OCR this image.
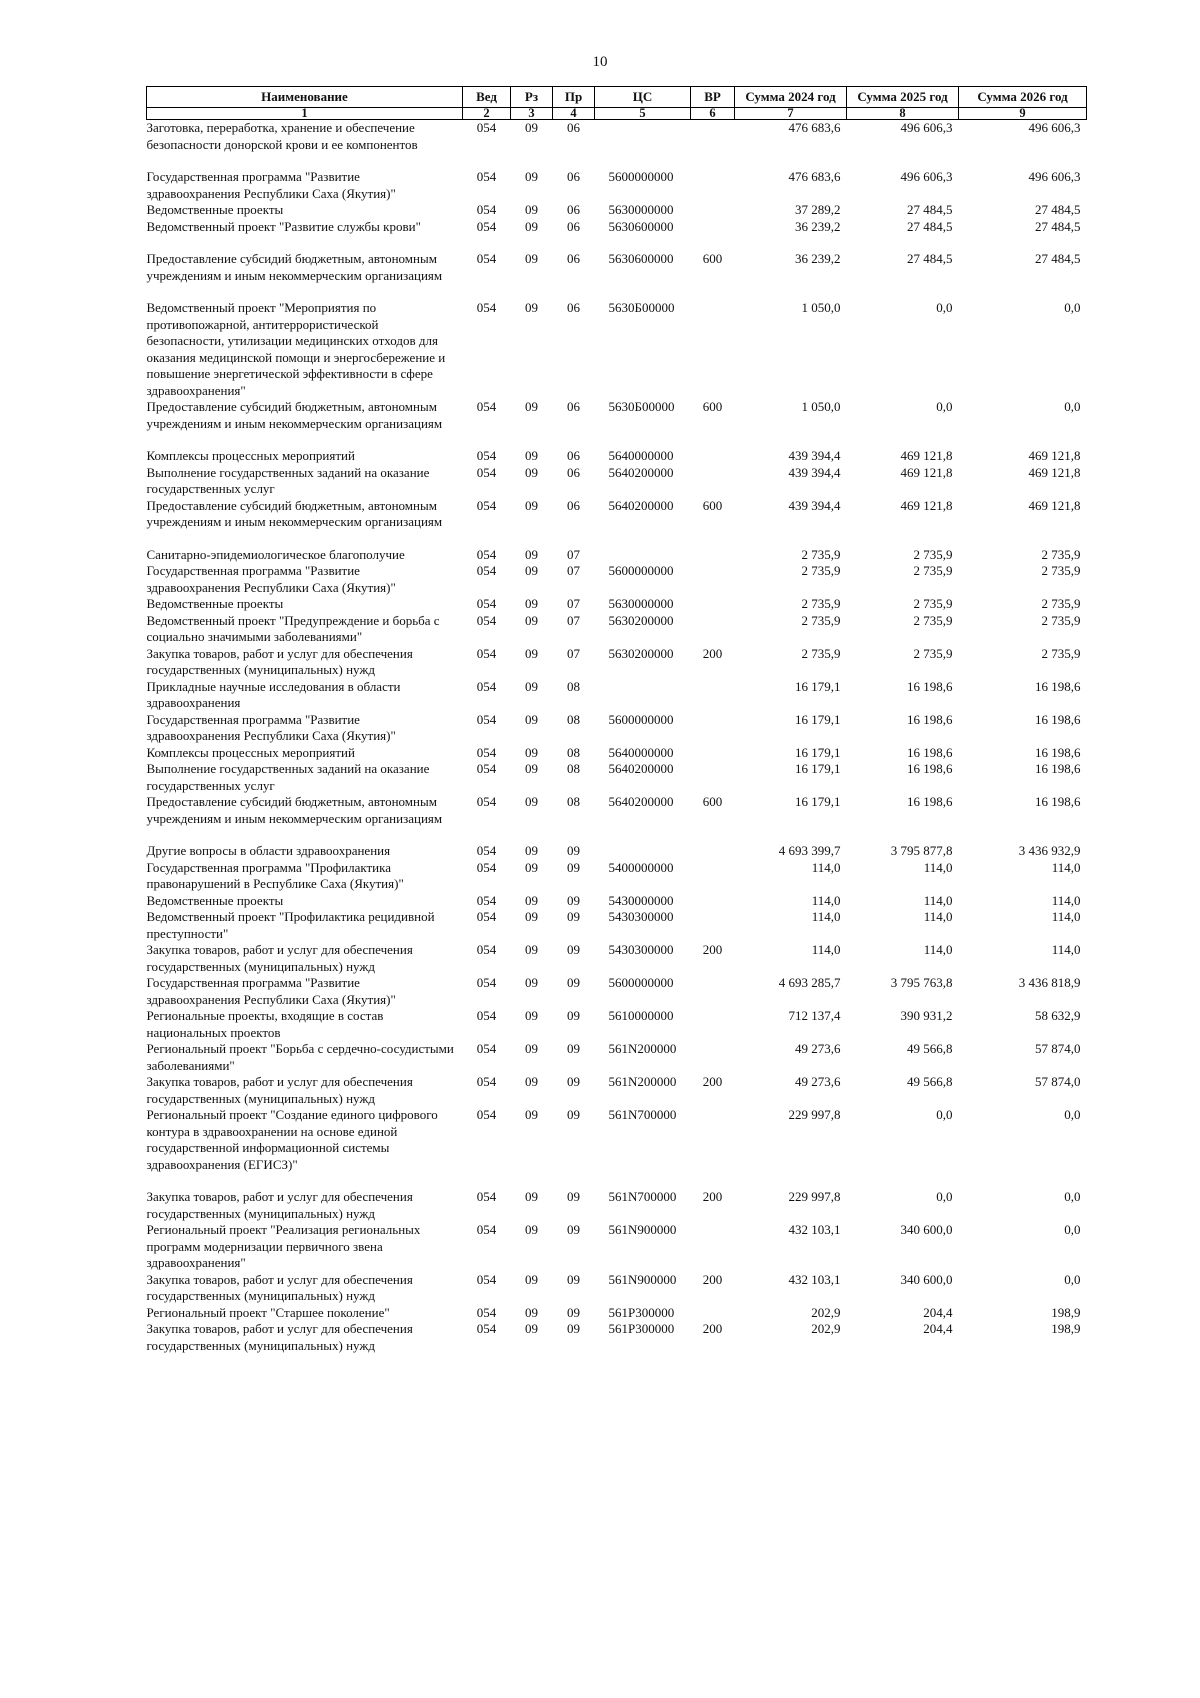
10
Наименование	Вед	Рз	Пр	ЦС	ВР	Сумма 2024 год	Сумма 2025 год	Сумма 2026 год
1	2	3	4	5	6	7	8	9
Заготовка, переработка, хранение и обеспечение безопасности донорской крови и ее компонентов	054	09	06			476 683,6	496 606,3	496 606,3

Государственная программа "Развитие здравоохранения Республики Саха (Якутия)"	054	09	06	5600000000		476 683,6	496 606,3	496 606,3
Ведомственные проекты	054	09	06	5630000000		37 289,2	27 484,5	27 484,5
Ведомственный проект "Развитие службы крови"	054	09	06	5630600000		36 239,2	27 484,5	27 484,5

Предоставление субсидий бюджетным, автономным учреждениям и иным некоммерческим организациям	054	09	06	5630600000	600	36 239,2	27 484,5	27 484,5

Ведомственный проект "Мероприятия по противопожарной, антитеррористической безопасности, утилизации медицинских отходов для оказания медицинской помощи и энергосбережение и повышение энергетической эффективности в сфере здравоохранения"	054	09	06	5630Б00000		1 050,0	0,0	0,0
Предоставление субсидий бюджетным, автономным учреждениям и иным некоммерческим организациям	054	09	06	5630Б00000	600	1 050,0	0,0	0,0

Комплексы процессных мероприятий	054	09	06	5640000000		439 394,4	469 121,8	469 121,8
Выполнение государственных заданий на оказание государственных услуг	054	09	06	5640200000		439 394,4	469 121,8	469 121,8
Предоставление субсидий бюджетным, автономным учреждениям и иным некоммерческим организациям	054	09	06	5640200000	600	439 394,4	469 121,8	469 121,8

Санитарно-эпидемиологическое благополучие	054	09	07			2 735,9	2 735,9	2 735,9
Государственная программа "Развитие здравоохранения Республики Саха (Якутия)"	054	09	07	5600000000		2 735,9	2 735,9	2 735,9
Ведомственные проекты	054	09	07	5630000000		2 735,9	2 735,9	2 735,9
Ведомственный проект "Предупреждение и борьба с социально значимыми заболеваниями"	054	09	07	5630200000		2 735,9	2 735,9	2 735,9
Закупка товаров, работ и услуг для обеспечения государственных (муниципальных) нужд	054	09	07	5630200000	200	2 735,9	2 735,9	2 735,9
Прикладные научные исследования в области здравоохранения	054	09	08			16 179,1	16 198,6	16 198,6
Государственная программа "Развитие здравоохранения Республики Саха (Якутия)"	054	09	08	5600000000		16 179,1	16 198,6	16 198,6
Комплексы процессных мероприятий	054	09	08	5640000000		16 179,1	16 198,6	16 198,6
Выполнение государственных заданий на оказание государственных услуг	054	09	08	5640200000		16 179,1	16 198,6	16 198,6
Предоставление субсидий бюджетным, автономным учреждениям и иным некоммерческим организациям	054	09	08	5640200000	600	16 179,1	16 198,6	16 198,6

Другие вопросы в области здравоохранения	054	09	09			4 693 399,7	3 795 877,8	3 436 932,9
Государственная программа "Профилактика правонарушений в Республике Саха (Якутия)"	054	09	09	5400000000		114,0	114,0	114,0
Ведомственные проекты	054	09	09	5430000000		114,0	114,0	114,0
Ведомственный проект "Профилактика рецидивной преступности"	054	09	09	5430300000		114,0	114,0	114,0
Закупка товаров, работ и услуг для обеспечения государственных (муниципальных) нужд	054	09	09	5430300000	200	114,0	114,0	114,0
Государственная программа "Развитие здравоохранения Республики Саха (Якутия)"	054	09	09	5600000000		4 693 285,7	3 795 763,8	3 436 818,9
Региональные проекты, входящие в состав национальных проектов	054	09	09	5610000000		712 137,4	390 931,2	58 632,9
Региональный проект "Борьба с сердечно-сосудистыми заболеваниями"	054	09	09	561N200000		49 273,6	49 566,8	57 874,0
Закупка товаров, работ и услуг для обеспечения государственных (муниципальных) нужд	054	09	09	561N200000	200	49 273,6	49 566,8	57 874,0
Региональный проект "Создание единого цифрового контура в здравоохранении на основе единой государственной информационной системы здравоохранения (ЕГИСЗ)"	054	09	09	561N700000		229 997,8	0,0	0,0

Закупка товаров, работ и услуг для обеспечения государственных (муниципальных) нужд	054	09	09	561N700000	200	229 997,8	0,0	0,0
Региональный проект "Реализация региональных программ модернизации первичного звена здравоохранения"	054	09	09	561N900000		432 103,1	340 600,0	0,0
Закупка товаров, работ и услуг для обеспечения государственных (муниципальных) нужд	054	09	09	561N900000	200	432 103,1	340 600,0	0,0
Региональный проект "Старшее поколение"	054	09	09	561P300000		202,9	204,4	198,9
Закупка товаров, работ и услуг для обеспечения государственных (муниципальных) нужд	054	09	09	561P300000	200	202,9	204,4	198,9
